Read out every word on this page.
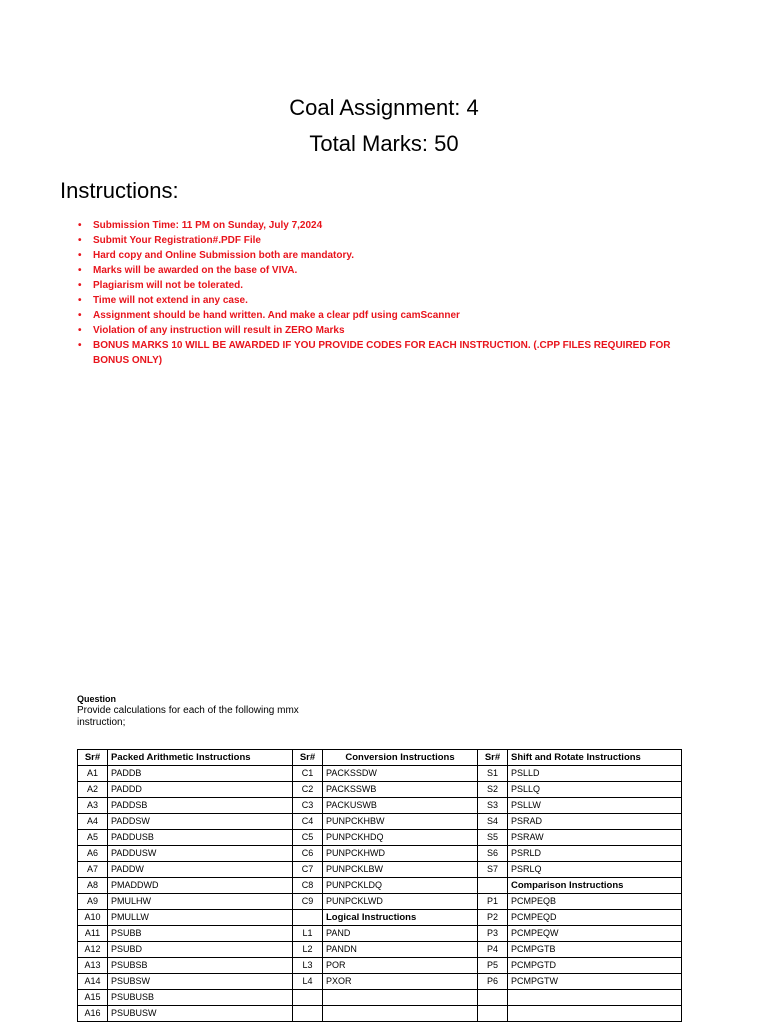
Coal Assignment: 4
Total Marks: 50
Instructions:
• Submission Time: 11 PM on Sunday, July 7,2024
• Submit Your Registration#.PDF File
• Hard copy and Online Submission both are mandatory.
• Marks will be awarded on the base of VIVA.
• Plagiarism will not be tolerated.
• Time will not extend in any case.
• Assignment should be hand written. And make a clear pdf using camScanner
• Violation of any instruction will result in ZERO Marks
• BONUS MARKS 10 WILL BE AWARDED IF YOU PROVIDE CODES FOR EACH INSTRUCTION. (.CPP FILES REQUIRED FOR BONUS ONLY)

Question

Provide calculations for each of the following mmx instruction;

Sr#	Packed Arithmetic Instructions	Sr#	Conversion Instructions	Sr#	Shift and Rotate Instructions
A1	PADDB	C1	PACKSSDW	S1	PSLLD
A2	PADDD	C2	PACKSSWB	S2	PSLLQ
A3	PADDSB	C3	PACKUSWB	S3	PSLLW
A4	PADDSW	C4	PUNPCKHBW	S4	PSRAD
A5	PADDUSB	C5	PUNPCKHDQ	S5	PSRAW
A6	PADDUSW	C6	PUNPCKHWD	S6	PSRLD
A7	PADDW	C7	PUNPCKLBW	S7	PSRLQ
A8	PMADDWD	C8	PUNPCKLDQ		Comparison Instructions
A9	PMULHW	C9	PUNPCKLWD	P1	PCMPEQB
A10	PMULLW		Logical Instructions	P2	PCMPEQD
A11	PSUBB	L1	PAND	P3	PCMPEQW
A12	PSUBD	L2	PANDN	P4	PCMPGTB
A13	PSUBSB	L3	POR	P5	PCMPGTD
A14	PSUBSW	L4	PXOR	P6	PCMPGTW
A15	PSUBUSB				
A16	PSUBUSW				
